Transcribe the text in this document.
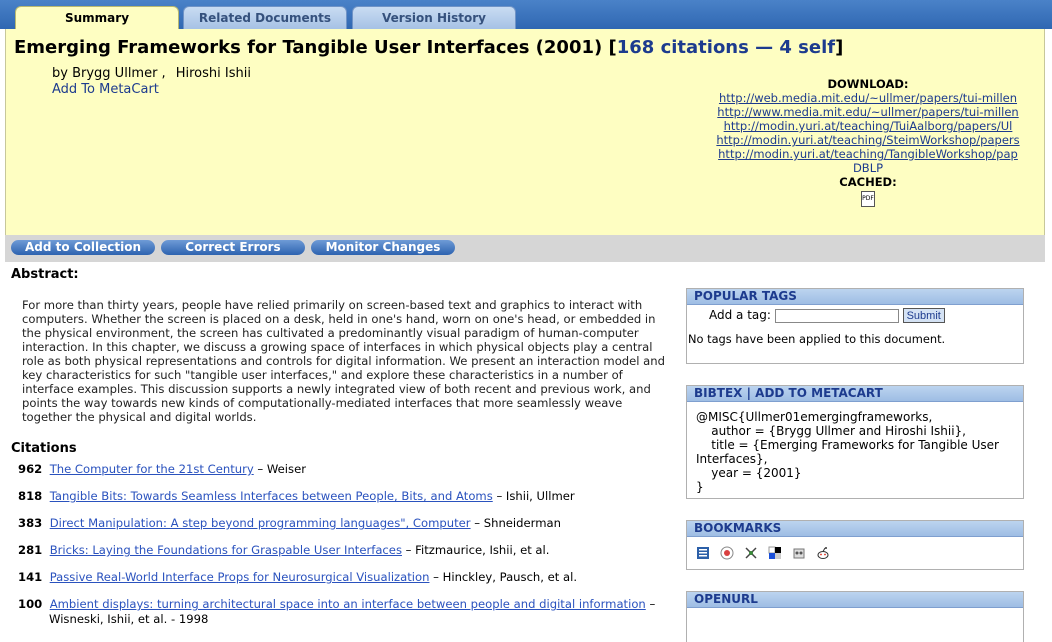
Summary	Related Documents	Version History
Emerging Frameworks for Tangible User Interfaces (2001) [168 citations — 4 self]
by Brygg Ullmer , Hiroshi Ishii
Add To MetaCart	DOWNLOAD:
http://web.media.mit.edu/~ullmer/papers/tui-millen
http://www.media.mit.edu/~ullmer/papers/tui-millen
http://modin.yuri.at/teaching/TuiAalborg/papers/Ul
http://modin.yuri.at/teaching/SteimWorkshop/papers
http://modin.yuri.at/teaching/TangibleWorkshop/pap
DBLP
CACHED:
PDF
Add to Collection	Correct Errors	Monitor Changes
Abstract:
For more than thirty years, people have relied primarily on screen-based text and graphics to interact with computers. Whether the screen is placed on a desk, held in one's hand, worn on one's head, or embedded in the physical environment, the screen has cultivated a predominantly visual paradigm of human-computer interaction. In this chapter, we discuss a growing space of interfaces in which physical objects play a central role as both physical representations and controls for digital information. We present an interaction model and key characteristics for such "tangible user interfaces," and explore these characteristics in a number of interface examples. This discussion supports a newly integrated view of both recent and previous work, and points the way towards new kinds of computationally-mediated interfaces that more seamlessly weave together the physical and digital worlds.
Citations
962 The Computer for the 21st Century – Weiser
818 Tangible Bits: Towards Seamless Interfaces between People, Bits, and Atoms – Ishii, Ullmer
383 Direct Manipulation: A step beyond programming languages", Computer – Shneiderman
281 Bricks: Laying the Foundations for Graspable User Interfaces – Fitzmaurice, Ishii, et al.
141 Passive Real-World Interface Props for Neurosurgical Visualization – Hinckley, Pausch, et al.
100 Ambient displays: turning architectural space into an interface between people and digital information –
Wisneski, Ishii, et al. - 1998
POPULAR TAGS
Add a tag:	Submit
No tags have been applied to this document.
BIBTEX | ADD TO METACART
@MISC{Ullmer01emergingframeworks,
author = {Brygg Ullmer and Hiroshi Ishii},
title = {Emerging Frameworks for Tangible User
Interfaces},
year = {2001}
}
BOOKMARKS

OPENURL
